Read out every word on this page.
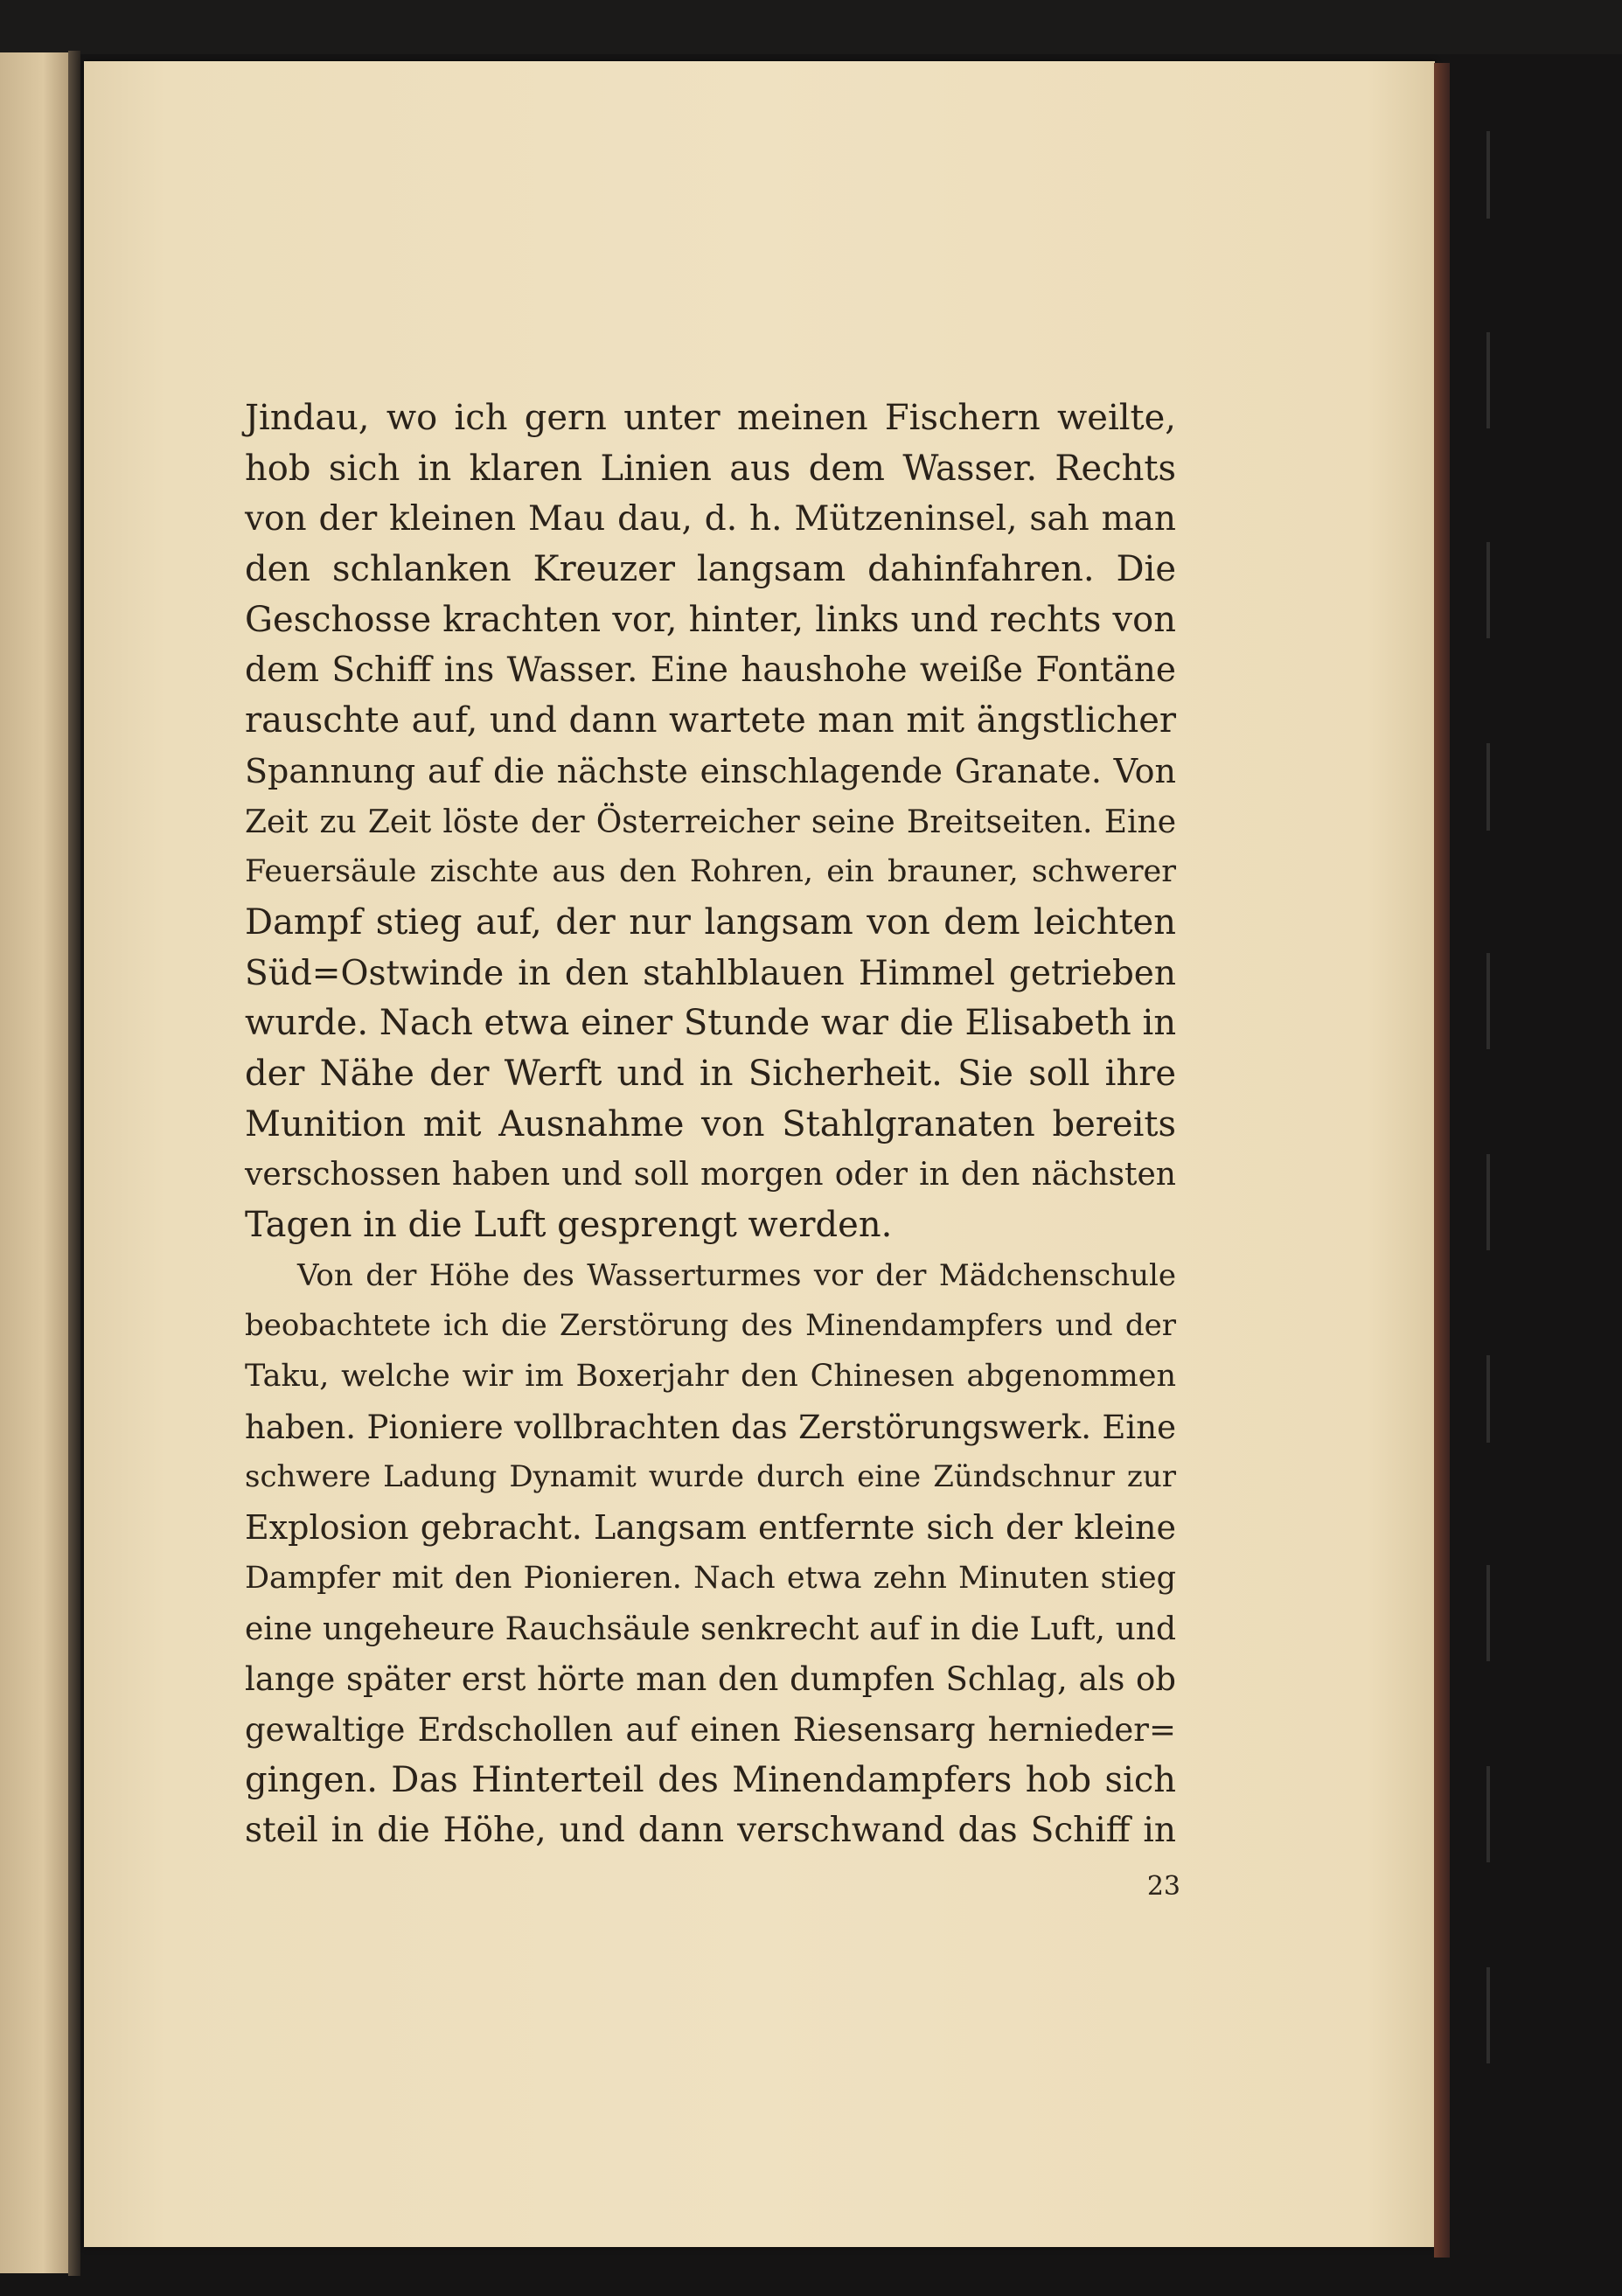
Jindau, wo ich gern unter meinen Fischern weilte,
hob sich in klaren Linien aus dem Wasser. Rechts
von der kleinen Mau dau, d. h. Mützeninsel, sah man
den schlanken Kreuzer langsam dahinfahren. Die
Geschosse krachten vor, hinter, links und rechts von
dem Schiff ins Wasser. Eine haushohe weiße Fontäne
rauschte auf, und dann wartete man mit ängstlicher
Spannung auf die nächste einschlagende Granate. Von
Zeit zu Zeit löste der Österreicher seine Breitseiten. Eine
Feuersäule zischte aus den Rohren, ein brauner, schwerer
Dampf stieg auf, der nur langsam von dem leichten
Süd=Ostwinde in den stahlblauen Himmel getrieben
wurde. Nach etwa einer Stunde war die Elisabeth in
der Nähe der Werft und in Sicherheit. Sie soll ihre
Munition mit Ausnahme von Stahlgranaten bereits
verschossen haben und soll morgen oder in den nächsten
Tagen in die Luft gesprengt werden.
Von der Höhe des Wasserturmes vor der Mädchenschule
beobachtete ich die Zerstörung des Minendampfers und der
Taku, welche wir im Boxerjahr den Chinesen abgenommen
haben. Pioniere vollbrachten das Zerstörungswerk. Eine
schwere Ladung Dynamit wurde durch eine Zündschnur zur
Explosion gebracht. Langsam entfernte sich der kleine
Dampfer mit den Pionieren. Nach etwa zehn Minuten stieg
eine ungeheure Rauchsäule senkrecht auf in die Luft, und
lange später erst hörte man den dumpfen Schlag, als ob
gewaltige Erdschollen auf einen Riesensarg hernieder=
gingen. Das Hinterteil des Minendampfers hob sich
steil in die Höhe, und dann verschwand das Schiff in
23
